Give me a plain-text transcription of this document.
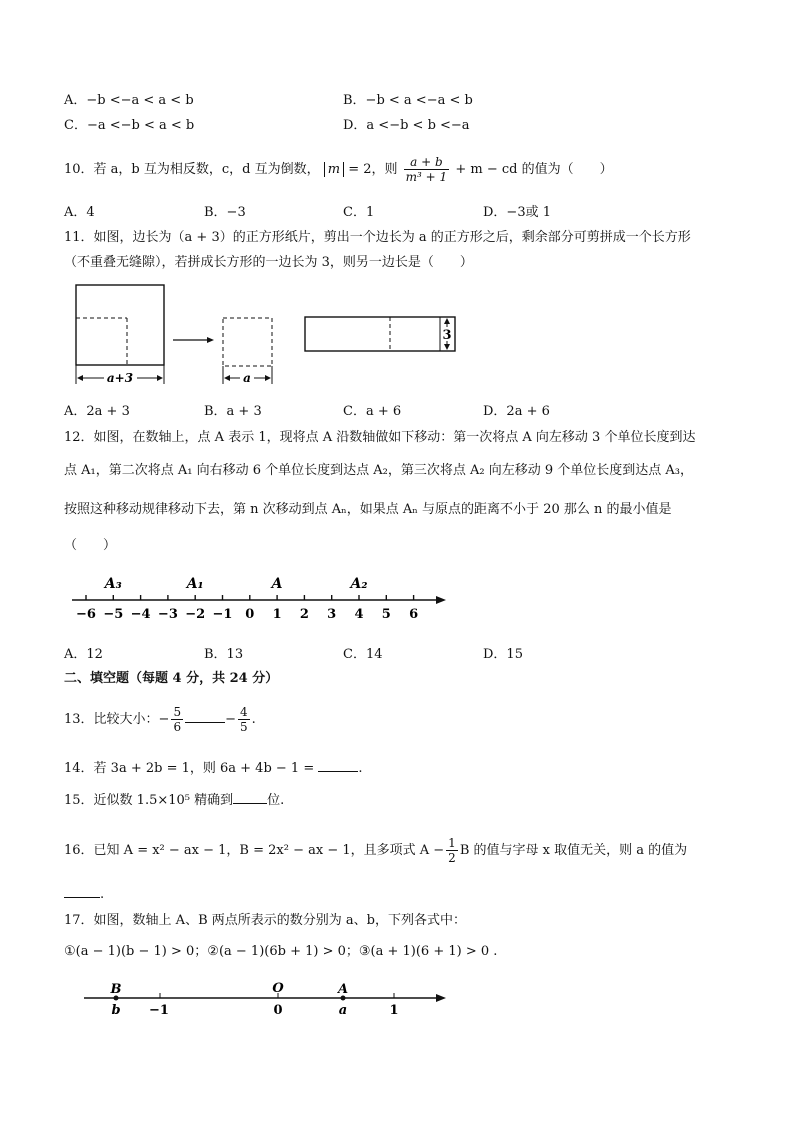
A．−b <−a < a < b	B．−b < a <−a < b
C．−a <−b < a < b	D．a <−b < b <−a
10．若 a，b 互为相反数，c，d 互为倒数， m = 2，则 $\frac{a + b}{\text{m³ + 1}} + m$ − cd 的值为（　　）
A．4	B．−3	C．1	D．−3或 1
11．如图，边长为（a + 3）的正方形纸片，剪出一个边长为 a 的正方形之后，剩余部分可剪拼成一个长方形
（不重叠无缝隙），若拼成长方形的一边长为 3，则另一边长是（　　）
a+3	a
3
A．2a + 3	B．a + 3	C．a + 6	D．2a + 6
12．如图，在数轴上，点 A 表示 1，现将点 A 沿数轴做如下移动：第一次将点 A 向左移动 3 个单位长度到达
点 A₁，第二次将点 A₁ 向右移动 6 个单位长度到达点 A₂，第三次将点 A₂ 向左移动 9 个单位长度到达点 A₃，
按照这种移动规律移动下去，第 n 次移动到点 Aₙ，如果点 Aₙ 与原点的距离不小于 20 那么 n 的最小值是
（　　）
−6 −5 −4 −3 −2 −1 0 1 2 3 4 5 6
A₃	A₁	A	A₂
A．12	B．13	C．14	D．15
二、填空题（每题 4 分，共 24 分）
13．比较大小：− $\frac{5}{6}$	− $\frac{4}{5}$ .
14．若 3a + 2b = 1，则 6a + 4b − 1 =	.
15．近似数 1.5×10⁵ 精确到	位.
16．已知 A = x² − ax − 1，B = 2x² − ax − 1，且多项式 $A - \frac{1}{2}$ B 的值与字母 x 取值无关，则 a 的值为
.
17．如图，数轴上 A、B 两点所表示的数分别为 a、b，下列各式中：
①(a − 1)(b − 1) > 0；②(a − 1)(6b + 1) > 0；③(a + 1)(6 + 1) > 0 .
B	O	A
b −1	0	a	1
